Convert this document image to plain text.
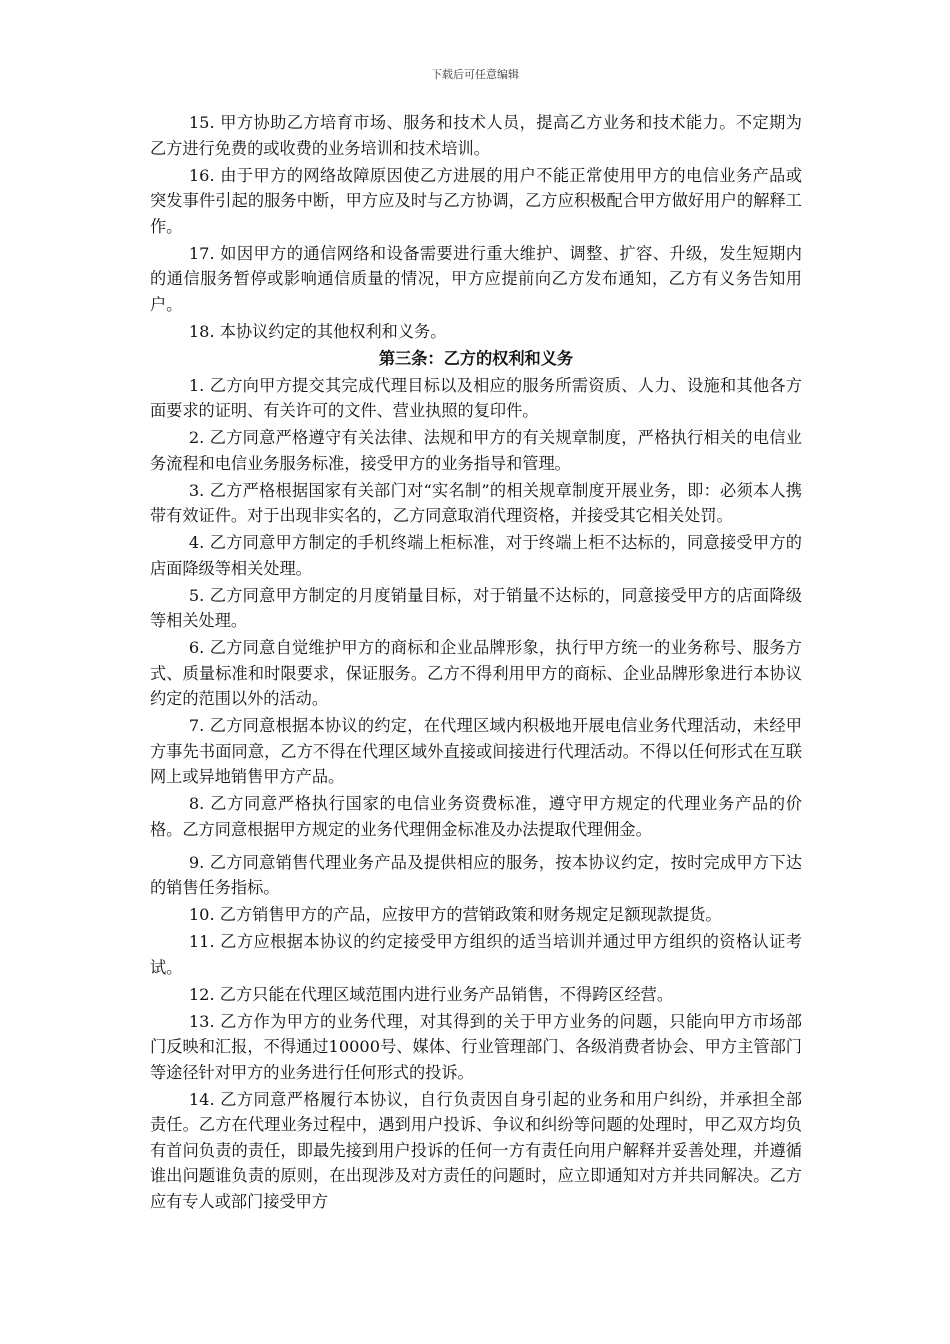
下载后可任意编辑

15. 甲方协助乙方培育市场、服务和技术人员，提高乙方业务和技术能力。不定期为乙方进行免费的或收费的业务培训和技术培训。

16. 由于甲方的网络故障原因使乙方进展的用户不能正常使用甲方的电信业务产品或突发事件引起的服务中断，甲方应及时与乙方协调，乙方应积极配合甲方做好用户的解释工作。

17. 如因甲方的通信网络和设备需要进行重大维护、调整、扩容、升级，发生短期内的通信服务暂停或影响通信质量的情况，甲方应提前向乙方发布通知，乙方有义务告知用户。

18. 本协议约定的其他权利和义务。

第三条：乙方的权利和义务

1. 乙方向甲方提交其完成代理目标以及相应的服务所需资质、人力、设施和其他各方面要求的证明、有关许可的文件、营业执照的复印件。

2. 乙方同意严格遵守有关法律、法规和甲方的有关规章制度，严格执行相关的电信业务流程和电信业务服务标准，接受甲方的业务指导和管理。

3. 乙方严格根据国家有关部门对“实名制”的相关规章制度开展业务，即：必须本人携带有效证件。对于出现非实名的，乙方同意取消代理资格，并接受其它相关处罚。

4. 乙方同意甲方制定的手机终端上柜标准，对于终端上柜不达标的，同意接受甲方的店面降级等相关处理。

5. 乙方同意甲方制定的月度销量目标，对于销量不达标的，同意接受甲方的店面降级等相关处理。

6. 乙方同意自觉维护甲方的商标和企业品牌形象，执行甲方统一的业务称号、服务方式、质量标准和时限要求，保证服务。乙方不得利用甲方的商标、企业品牌形象进行本协议约定的范围以外的活动。

7. 乙方同意根据本协议的约定，在代理区域内积极地开展电信业务代理活动，未经甲方事先书面同意，乙方不得在代理区域外直接或间接进行代理活动。不得以任何形式在互联网上或异地销售甲方产品。

8. 乙方同意严格执行国家的电信业务资费标准，遵守甲方规定的代理业务产品的价格。乙方同意根据甲方规定的业务代理佣金标准及办法提取代理佣金。

9. 乙方同意销售代理业务产品及提供相应的服务，按本协议约定，按时完成甲方下达的销售任务指标。

10. 乙方销售甲方的产品，应按甲方的营销政策和财务规定足额现款提货。

11. 乙方应根据本协议的约定接受甲方组织的适当培训并通过甲方组织的资格认证考试。

12. 乙方只能在代理区域范围内进行业务产品销售，不得跨区经营。

13. 乙方作为甲方的业务代理，对其得到的关于甲方业务的问题，只能向甲方市场部门反映和汇报，不得通过10000号、媒体、行业管理部门、各级消费者协会、甲方主管部门等途径针对甲方的业务进行任何形式的投诉。

14. 乙方同意严格履行本协议，自行负责因自身引起的业务和用户纠纷，并承担全部责任。乙方在代理业务过程中，遇到用户投诉、争议和纠纷等问题的处理时，甲乙双方均负有首问负责的责任，即最先接到用户投诉的任何一方有责任向用户解释并妥善处理，并遵循谁出问题谁负责的原则，在出现涉及对方责任的问题时，应立即通知对方并共同解决。乙方应有专人或部门接受甲方
